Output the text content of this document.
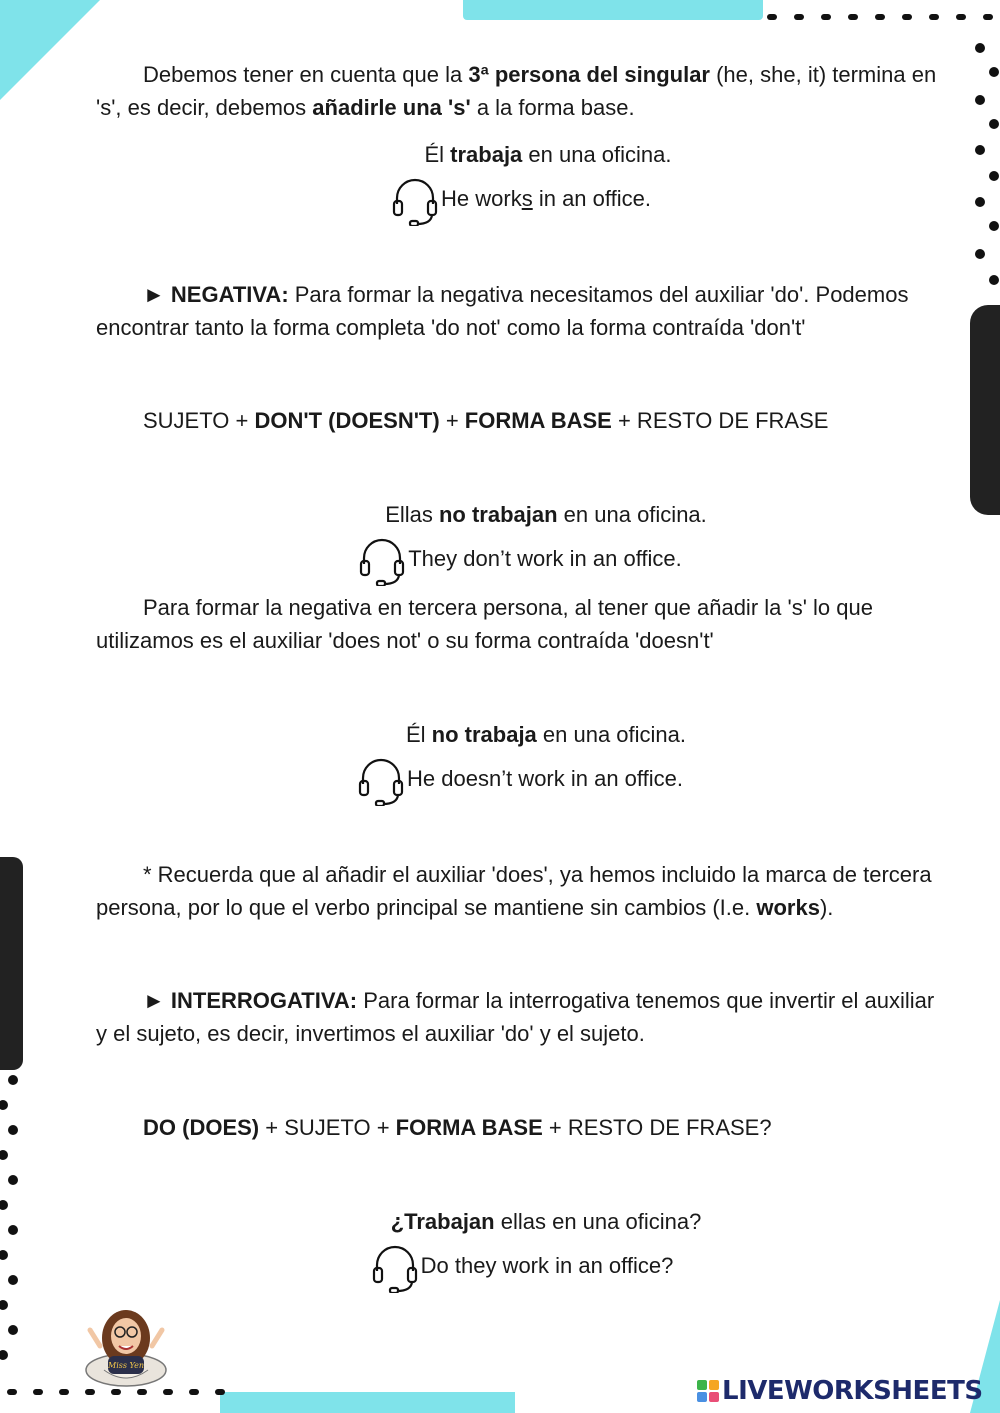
Debemos tener en cuenta que la 3ª persona del singular (he, she, it) termina en 's', es decir, debemos añadirle una 's' a la forma base.

Él trabaja en una oficina.
He works in an office.

► NEGATIVA: Para formar la negativa necesitamos del auxiliar 'do'. Podemos encontrar tanto la forma completa 'do not' como la forma contraída 'don't'

SUJETO + DON'T (DOESN'T) + FORMA BASE + RESTO DE FRASE
Ellas no trabajan en una oficina.
They don’t work in an office.

Para formar la negativa en tercera persona, al tener que añadir la 's' lo que utilizamos es el auxiliar 'does not' o su forma contraída 'doesn't'

Él no trabaja en una oficina.
He doesn’t work in an office.

* Recuerda que al añadir el auxiliar 'does', ya hemos incluido la marca de tercera persona, por lo que el verbo principal se mantiene sin cambios (I.e. works).

► INTERROGATIVA: Para formar la interrogativa tenemos que invertir el auxiliar y el sujeto, es decir, invertimos el auxiliar 'do' y el sujeto.

DO (DOES) + SUJETO + FORMA BASE + RESTO DE FRASE?
¿Trabajan ellas en una oficina?
Do they work in an office?
Miss Yen
LIVEWORKSHEETS
